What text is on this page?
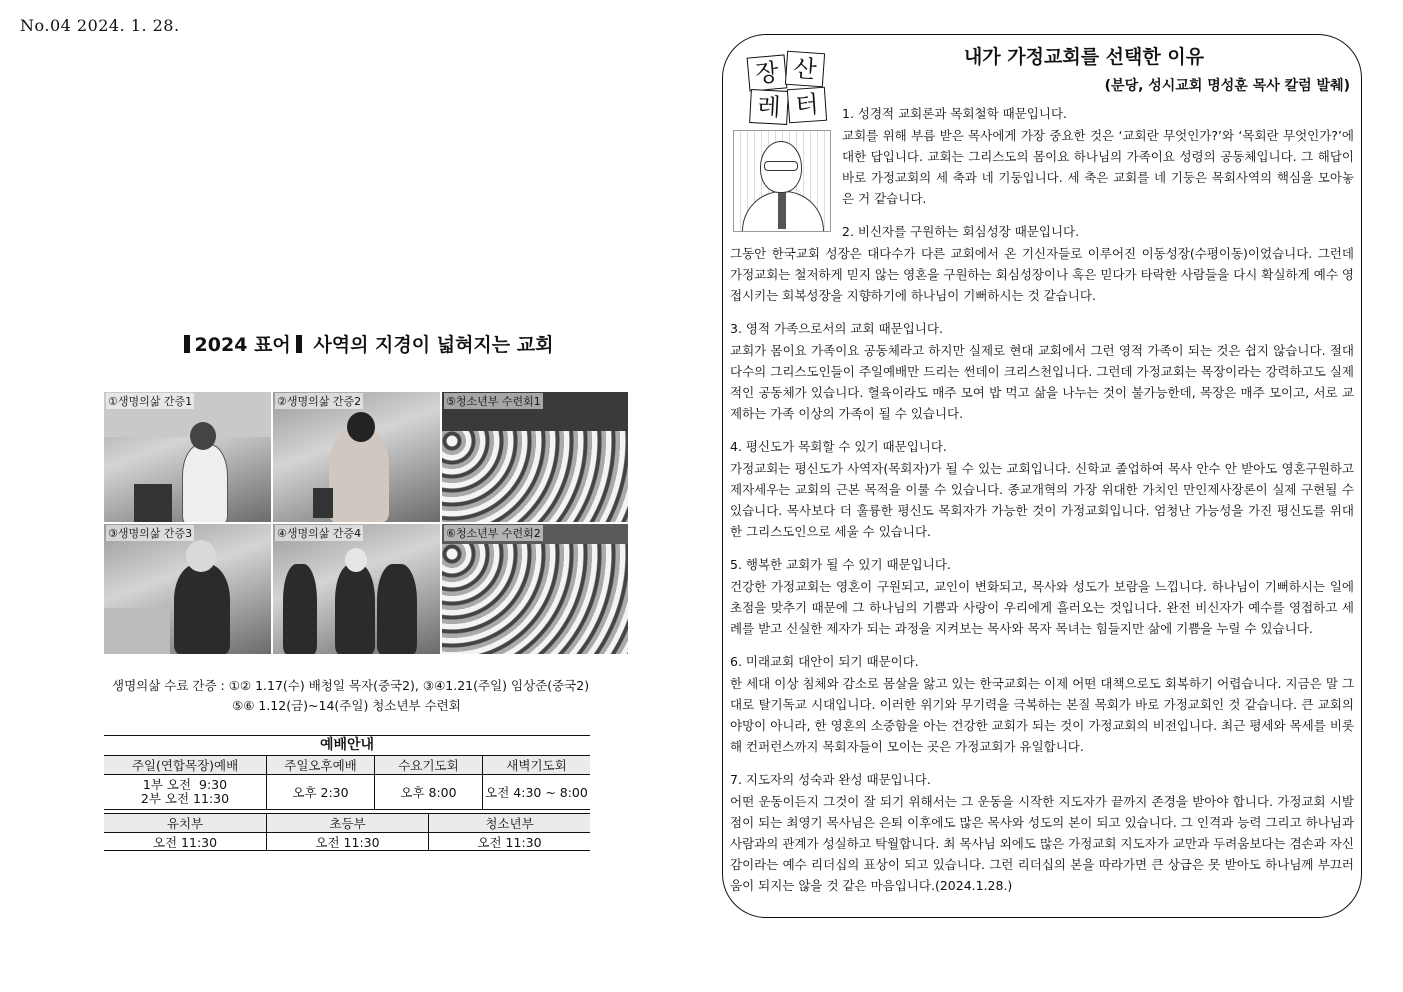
No.04 2024. 1. 28.
2024 표어 사역의 지경이 넓혀지는 교회
①생명의삶 간증1	②생명의삶 간증2	⑤청소년부 수련회1
③생명의삶 간증3	④생명의삶 간증4	⑥청소년부 수련회2
생명의삶 수료 간증 : ①② 1.17(수) 배청일 목자(중국2), ③④1.21(주일) 임상준(중국2)
⑤⑥ 1.12(금)~14(주일) 청소년부 수련회
예배안내
주일(연합목장)예배	주일오후예배	수요기도회	새벽기도회
1부 오전  9:30
2부 오전 11:30	오후 2:30	오후 8:00	오전 4:30 ~ 8:00
유치부	초등부	청소년부
오전 11:30	오전 11:30	오전 11:30
장 산
레 터
내가 가정교회를 선택한 이유
(분당, 성시교회 명성훈 목사 칼럼 발췌)
1. 성경적 교회론과 목회철학 때문입니다.

교회를 위해 부름 받은 목사에게 가장 중요한 것은 ‘교회란 무엇인가?’와 ‘목회란 무엇인가?’에 대한 답입니다. 교회는 그리스도의 몸이요 하나님의 가족이요 성령의 공동체입니다. 그 해답이 바로 가정교회의 세 축과 네 기둥입니다. 세 축은 교회를 네 기둥은 목회사역의 핵심을 모아놓은 거 같습니다.

2. 비신자를 구원하는 회심성장 때문입니다.

그동안 한국교회 성장은 대다수가 다른 교회에서 온 기신자들로 이루어진 이동성장(수평이동)이었습니다. 그런데 가정교회는 철저하게 믿지 않는 영혼을 구원하는 회심성장이나 혹은 믿다가 타락한 사람들을 다시 확실하게 예수 영접시키는 회복성장을 지향하기에 하나님이 기뻐하시는 것 같습니다.

3. 영적 가족으로서의 교회 때문입니다.

교회가 몸이요 가족이요 공동체라고 하지만 실제로 현대 교회에서 그런 영적 가족이 되는 것은 쉽지 않습니다. 절대다수의 그리스도인들이 주일예배만 드리는 썬데이 크리스천입니다. 그런데 가정교회는 목장이라는 강력하고도 실제적인 공동체가 있습니다. 혈육이라도 매주 모여 밥 먹고 삶을 나누는 것이 불가능한데, 목장은 매주 모이고, 서로 교제하는 가족 이상의 가족이 될 수 있습니다.

4. 평신도가 목회할 수 있기 때문입니다.

가정교회는 평신도가 사역자(목회자)가 될 수 있는 교회입니다. 신학교 졸업하여 목사 안수 안 받아도 영혼구원하고 제자세우는 교회의 근본 목적을 이룰 수 있습니다. 종교개혁의 가장 위대한 가치인 만인제사장론이 실제 구현될 수 있습니다. 목사보다 더 훌륭한 평신도 목회자가 가능한 것이 가정교회입니다. 엄청난 가능성을 가진 평신도를 위대한 그리스도인으로 세울 수 있습니다.

5. 행복한 교회가 될 수 있기 때문입니다.

건강한 가정교회는 영혼이 구원되고, 교인이 변화되고, 목사와 성도가 보람을 느낍니다. 하나님이 기뻐하시는 일에 초점을 맞추기 때문에 그 하나님의 기쁨과 사랑이 우리에게 흘러오는 것입니다. 완전 비신자가 예수를 영접하고 세례를 받고 신실한 제자가 되는 과정을 지켜보는 목사와 목자 목녀는 힘들지만 삶에 기쁨을 누릴 수 있습니다.

6. 미래교회 대안이 되기 때문이다.

한 세대 이상 침체와 감소로 몸살을 앓고 있는 한국교회는 이제 어떤 대책으로도 회복하기 어렵습니다. 지금은 말 그대로 탈기독교 시대입니다. 이러한 위기와 무기력을 극복하는 본질 목회가 바로 가정교회인 것 같습니다. 큰 교회의 야망이 아니라, 한 영혼의 소중함을 아는 건강한 교회가 되는 것이 가정교회의 비전입니다. 최근 평세와 목세를 비롯해 컨퍼런스까지 목회자들이 모이는 곳은 가정교회가 유일합니다.

7. 지도자의 성숙과 완성 때문입니다.

어떤 운동이든지 그것이 잘 되기 위해서는 그 운동을 시작한 지도자가 끝까지 존경을 받아야 합니다. 가정교회 시발점이 되는 최영기 목사님은 은퇴 이후에도 많은 목사와 성도의 본이 되고 있습니다. 그 인격과 능력 그리고 하나님과 사람과의 관계가 성실하고 탁월합니다. 최 목사님 외에도 많은 가정교회 지도자가 교만과 두려움보다는 겸손과 자신감이라는 예수 리더십의 표상이 되고 있습니다. 그런 리더십의 본을 따라가면 큰 상급은 못 받아도 하나님께 부끄러움이 되지는 않을 것 같은 마음입니다.(2024.1.28.)
